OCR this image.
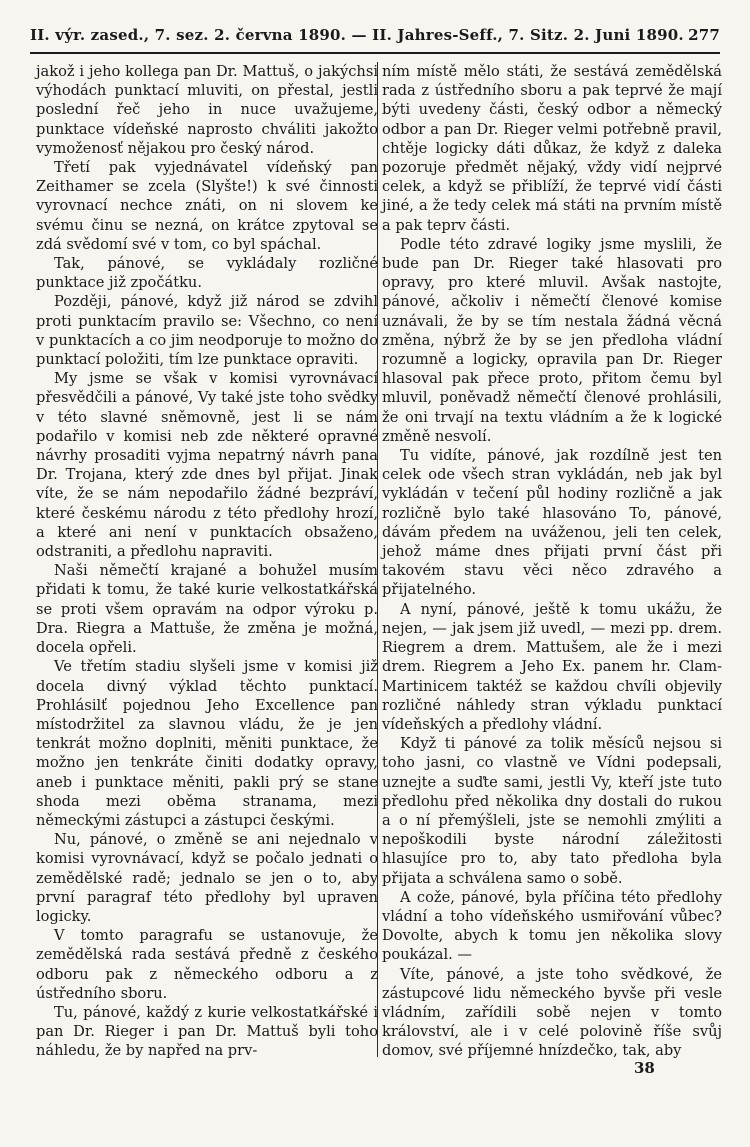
II. výr. zased., 7. sez. 2. června 1890. — II. Jahres-Seff., 7. Sitz. 2. Juni 1890. 277

jakož i jeho kollega pan Dr. Mattuš, o jakýchsi výhodách punktací mluviti, on přestal, jestli poslední řeč jeho in nuce uvažujeme, punktace vídeňské naprosto chváliti jakožto vymoženosť nějakou pro český národ.

Třetí pak vyjednávatel vídeňský pan Zeithamer se zcela (Slyšte!) k své činnosti vyrovnací nechce znáti, on ni slovem ke svému činu se nezná, on krátce zpytoval se zdá svědomí své v tom, co byl spáchal.

Tak, pánové, se vykládaly rozličné punktace již zpočátku.

Později, pánové, když již národ se zdvihl proti punktacím pravilo se: Všechno, co není v punktacích a co jim neodporuje to možno do punktací položiti, tím lze punktace opraviti.

My jsme se však v komisi vyrovnávací přesvědčili a pánové, Vy také jste toho svědky v této slavné sněmovně, jest li se nám podařilo v komisi neb zde některé opravné návrhy prosaditi vyjma nepatrný návrh pana Dr. Trojana, který zde dnes byl přijat. Jinak víte, že se nám nepodařilo žádné bezpráví, které českému národu z této předlohy hrozí, a které ani není v punktacích obsaženo, odstraniti, a předlohu napraviti.

Naši němečtí krajané a bohužel musím přidati k tomu, že také kurie velkostatkářská se proti všem opravám na odpor výroku p. Dra. Riegra a Mattuše, že změna je možná, docela opřeli.

Ve třetím stadiu slyšeli jsme v komisi již docela divný výklad těchto punktací. Prohlásilť pojednou Jeho Excellence pan místodržitel za slavnou vládu, že je jen tenkrát možno doplniti, měniti punktace, že možno jen tenkráte činiti dodatky opravy, aneb i punktace měniti, pakli prý se stane shoda mezi oběma stranama, mezi německými zástupci a zástupci českými.

Nu, pánové, o změně se ani nejednalo v komisi vyrovnávací, když se počalo jednati o zemědělské radě; jednalo se jen o to, aby první paragraf této předlohy byl upraven logicky.

V tomto paragrafu se ustanovuje, že zemědělská rada sestává předně z českého odboru pak z německého odboru a z ústředního sboru.

Tu, pánové, každý z kurie velkostatkářské i pan Dr. Rieger i pan Dr. Mattuš byli toho náhledu, že by napřed na prv-

ním místě mělo státi, že sestává zemědělská rada z ústředního sboru a pak teprvé že mají býti uvedeny části, český odbor a německý odbor a pan Dr. Rieger velmi potřebně pravil, chtěje logicky dáti důkaz, že když z daleka pozoruje předmět nějaký, vždy vidí nejprvé celek, a když se přiblíží, že teprvé vidí části jiné, a že tedy celek má státi na prvním místě a pak teprv části.

Podle této zdravé logiky jsme myslili, že bude pan Dr. Rieger také hlasovati pro opravy, pro které mluvil. Avšak nastojte, pánové, ačkoliv i němečtí členové komise uznávali, že by se tím nestala žádná věcná změna, nýbrž že by se jen předloha vládní rozumně a logicky, opravila pan Dr. Rieger hlasoval pak přece proto, přitom čemu byl mluvil, poněvadž němečtí členové prohlásili, že oni trvají na textu vládním a že k logické změně nesvolí.

Tu vidíte, pánové, jak rozdílně jest ten celek ode všech stran vykládán, neb jak byl vykládán v tečení půl hodiny rozličně a jak rozličně bylo také hlasováno To, pánové, dávám předem na uváženou, jeli ten celek, jehož máme dnes přijati první část při takovém stavu věci něco zdravého a přijatelného.

A nyní, pánové, ještě k tomu ukážu, že nejen, — jak jsem již uvedl, — mezi pp. drem. Riegrem a drem. Mattušem, ale že i mezi drem. Riegrem a Jeho Ex. panem hr. Clam-Martinicem taktéž se každou chvíli objevily rozličné náhledy stran výkladu punktací vídeňských a předlohy vládní.

Když ti pánové za tolik měsíců nejsou si toho jasni, co vlastně ve Vídni podepsali, uznejte a suďte sami, jestli Vy, kteří jste tuto předlohu před několika dny dostali do rukou a o ní přemýšleli, jste se nemohli zmýliti a nepoškodili byste národní záležitosti hlasujíce pro to, aby tato předloha byla přijata a schválena samo o sobě.

A cože, pánové, byla příčina této předlohy vládní a toho vídeňského usmiřování vůbec? Dovolte, abych k tomu jen několika slovy poukázal. —

Víte, pánové, a jste toho svědkové, že zástupcové lidu německého byvše při vesle vládním, zařídili sobě nejen v tomto království, ale i v celé polovině říše svůj domov, své příjemné hnízdečko, tak, aby

38
